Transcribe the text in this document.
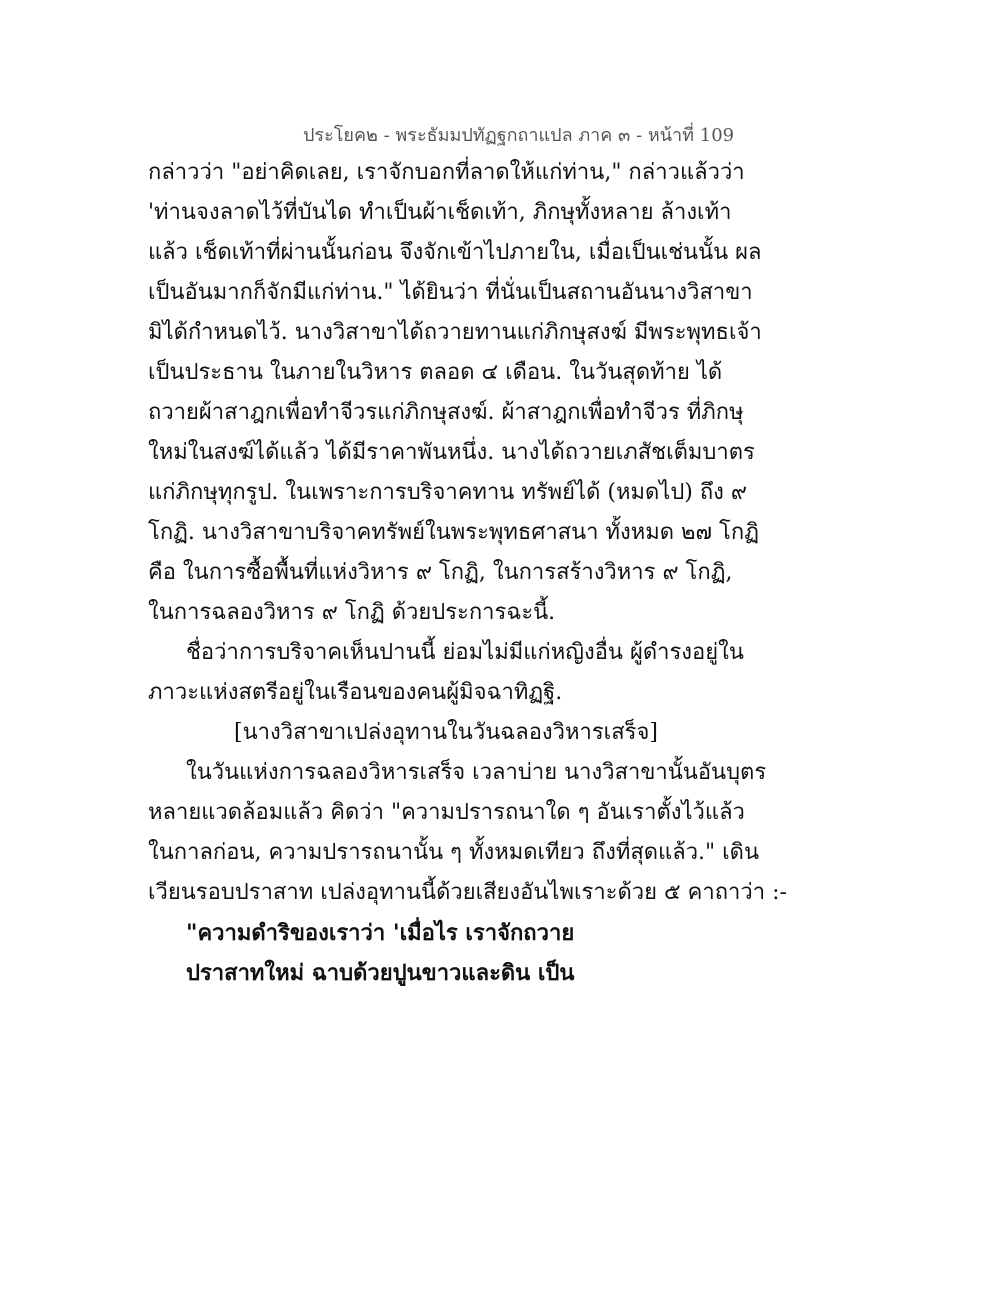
ประโยค๒ - พระธัมมปทัฏฐกถาแปล ภาค ๓ - หน้าที่ 109
กล่าวว่า "อย่าคิดเลย, เราจักบอกที่ลาดให้แก่ท่าน," กล่าวแล้วว่า
'ท่านจงลาดไว้ที่บันได ทำเป็นผ้าเช็ดเท้า, ภิกษุทั้งหลาย ล้างเท้า
แล้ว เช็ดเท้าที่ผ่านนั้นก่อน จึงจักเข้าไปภายใน, เมื่อเป็นเช่นนั้น ผล
เป็นอันมากก็จักมีแก่ท่าน." ได้ยินว่า ที่นั่นเป็นสถานอันนางวิสาขา
มิได้กำหนดไว้. นางวิสาขาได้ถวายทานแก่ภิกษุสงฆ์ มีพระพุทธเจ้า
เป็นประธาน ในภายในวิหาร ตลอด ๔ เดือน. ในวันสุดท้าย ได้
ถวายผ้าสาฎกเพื่อทำจีวรแก่ภิกษุสงฆ์. ผ้าสาฎกเพื่อทำจีวร ที่ภิกษุ
ใหม่ในสงฆ์ได้แล้ว ได้มีราคาพันหนึ่ง. นางได้ถวายเภสัชเต็มบาตร
แก่ภิกษุทุกรูป. ในเพราะการบริจาคทาน ทรัพย์ได้ (หมดไป) ถึง ๙
โกฏิ. นางวิสาขาบริจาคทรัพย์ในพระพุทธศาสนา ทั้งหมด ๒๗ โกฏิ
คือ ในการซื้อพื้นที่แห่งวิหาร ๙ โกฏิ, ในการสร้างวิหาร ๙ โกฏิ,
ในการฉลองวิหาร ๙ โกฏิ ด้วยประการฉะนี้.
ชื่อว่าการบริจาคเห็นปานนี้ ย่อมไม่มีแก่หญิงอื่น ผู้ดำรงอยู่ใน
ภาวะแห่งสตรีอยู่ในเรือนของคนผู้มิจฉาทิฏฐิ.
[นางวิสาขาเปล่งอุทานในวันฉลองวิหารเสร็จ]
ในวันแห่งการฉลองวิหารเสร็จ เวลาบ่าย นางวิสาขานั้นอันบุตร
หลายแวดล้อมแล้ว คิดว่า "ความปรารถนาใด ๆ อันเราตั้งไว้แล้ว
ในกาลก่อน, ความปรารถนานั้น ๆ ทั้งหมดเทียว ถึงที่สุดแล้ว." เดิน
เวียนรอบปราสาท เปล่งอุทานนี้ด้วยเสียงอันไพเราะด้วย ๕ คาถาว่า :-
"ความดำริของเราว่า 'เมื่อไร เราจักถวาย
ปราสาทใหม่ ฉาบด้วยปูนขาวและดิน เป็น
